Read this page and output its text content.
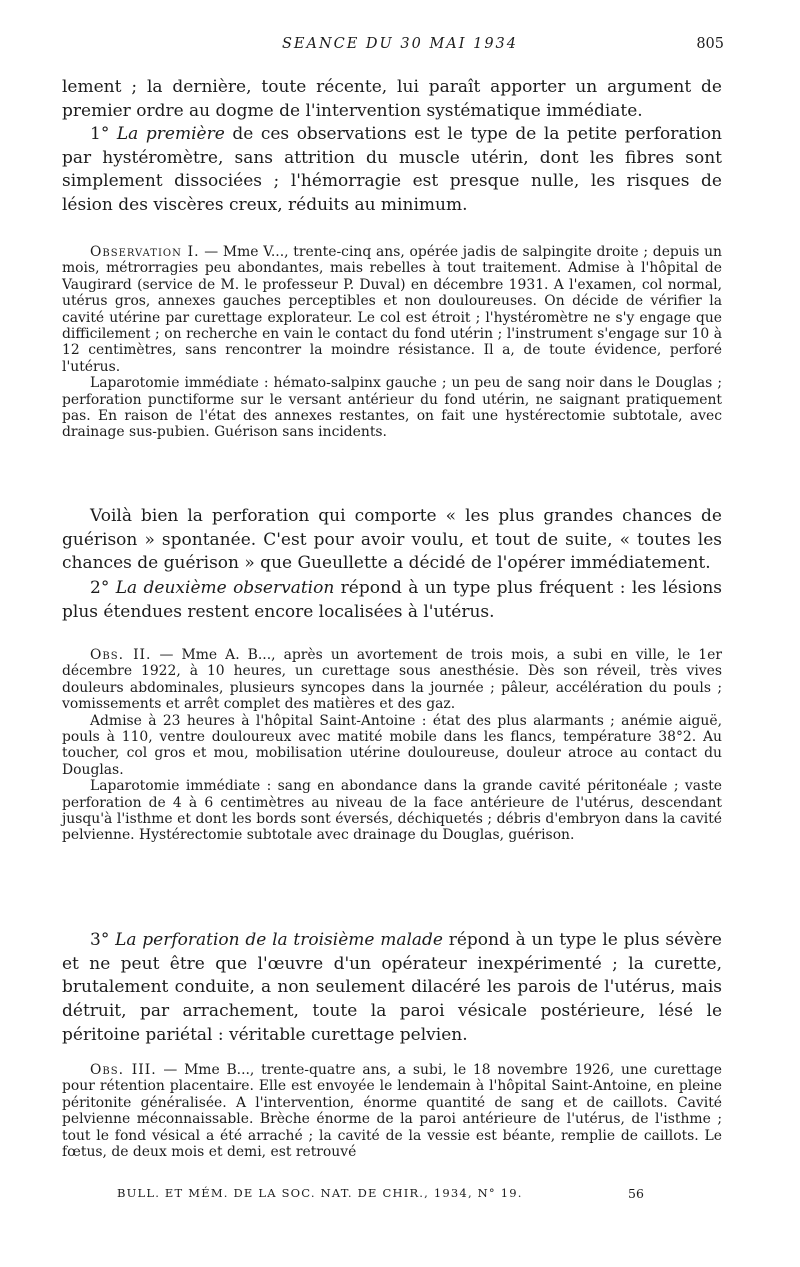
SEANCE DU 30 MAI 1934	805

lement ; la dernière, toute récente, lui paraît apporter un argument de premier ordre au dogme de l'intervention systématique immédiate.

1° La première de ces observations est le type de la petite perforation par hystéromètre, sans attrition du muscle utérin, dont les fibres sont simplement dissociées ; l'hémorragie est presque nulle, les risques de lésion des viscères creux, réduits au minimum.

Observation I. — Mme V..., trente-cinq ans, opérée jadis de salpingite droite ; depuis un mois, métrorragies peu abondantes, mais rebelles à tout traitement. Admise à l'hôpital de Vaugirard (service de M. le professeur P. Duval) en décembre 1931. A l'examen, col normal, utérus gros, annexes gauches perceptibles et non douloureuses. On décide de vérifier la cavité utérine par curettage explorateur. Le col est étroit ; l'hystéromètre ne s'y engage que difficilement ; on recherche en vain le contact du fond utérin ; l'instrument s'engage sur 10 à 12 centimètres, sans rencontrer la moindre résistance. Il a, de toute évidence, perforé l'utérus.

Laparotomie immédiate : hémato-salpinx gauche ; un peu de sang noir dans le Douglas ; perforation punctiforme sur le versant antérieur du fond utérin, ne saignant pratiquement pas. En raison de l'état des annexes restantes, on fait une hystérectomie subtotale, avec drainage sus-pubien. Guérison sans incidents.

Voilà bien la perforation qui comporte « les plus grandes chances de guérison » spontanée. C'est pour avoir voulu, et tout de suite, « toutes les chances de guérison » que Gueullette a décidé de l'opérer immédiatement.

2° La deuxième observation répond à un type plus fréquent : les lésions plus étendues restent encore localisées à l'utérus.

Obs. II. — Mme A. B..., après un avortement de trois mois, a subi en ville, le 1er décembre 1922, à 10 heures, un curettage sous anesthésie. Dès son réveil, très vives douleurs abdominales, plusieurs syncopes dans la journée ; pâleur, accélération du pouls ; vomissements et arrêt complet des matières et des gaz.

Admise à 23 heures à l'hôpital Saint-Antoine : état des plus alarmants ; anémie aiguë, pouls à 110, ventre douloureux avec matité mobile dans les flancs, température 38°2. Au toucher, col gros et mou, mobilisation utérine douloureuse, douleur atroce au contact du Douglas.

Laparotomie immédiate : sang en abondance dans la grande cavité péritonéale ; vaste perforation de 4 à 6 centimètres au niveau de la face antérieure de l'utérus, descendant jusqu'à l'isthme et dont les bords sont éversés, déchiquetés ; débris d'embryon dans la cavité pelvienne. Hystérectomie subtotale avec drainage du Douglas, guérison.

3° La perforation de la troisième malade répond à un type le plus sévère et ne peut être que l'œuvre d'un opérateur inexpérimenté ; la curette, brutalement conduite, a non seulement dilacéré les parois de l'utérus, mais détruit, par arrachement, toute la paroi vésicale postérieure, lésé le péritoine pariétal : véritable curettage pelvien.

Obs. III. — Mme B..., trente-quatre ans, a subi, le 18 novembre 1926, une curettage pour rétention placentaire. Elle est envoyée le lendemain à l'hôpital Saint-Antoine, en pleine péritonite généralisée. A l'intervention, énorme quantité de sang et de caillots. Cavité pelvienne méconnaissable. Brèche énorme de la paroi antérieure de l'utérus, de l'isthme ; tout le fond vésical a été arraché ; la cavité de la vessie est béante, remplie de caillots. Le fœtus, de deux mois et demi, est retrouvé

BULL. ET MÉM. DE LA SOC. NAT. DE CHIR., 1934, N° 19.	56
